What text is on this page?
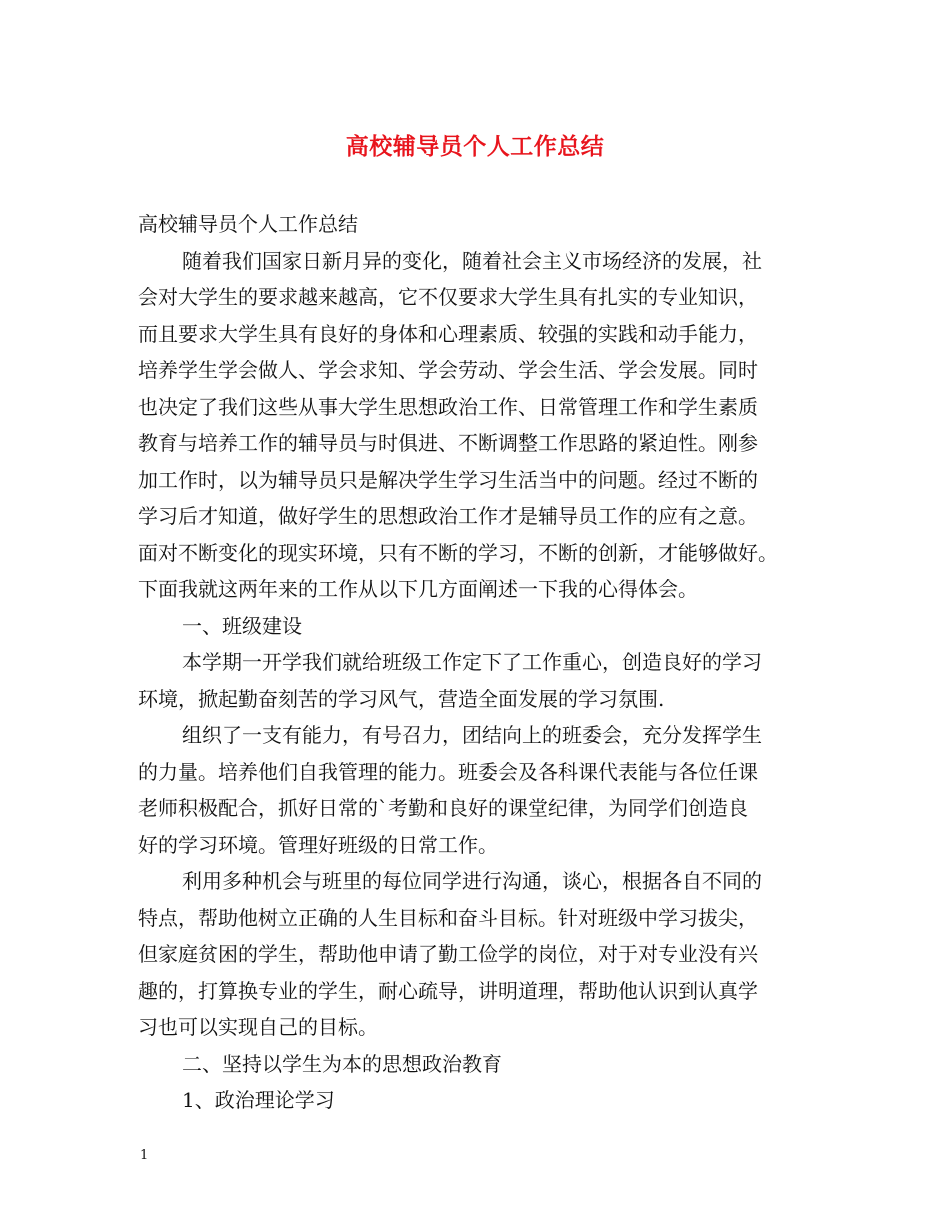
高校辅导员个人工作总结
高校辅导员个人工作总结
随着我们国家日新月异的变化，随着社会主义市场经济的发展，社
会对大学生的要求越来越高，它不仅要求大学生具有扎实的专业知识，
而且要求大学生具有良好的身体和心理素质、较强的实践和动手能力，
培养学生学会做人、学会求知、学会劳动、学会生活、学会发展。同时
也决定了我们这些从事大学生思想政治工作、日常管理工作和学生素质
教育与培养工作的辅导员与时俱进、不断调整工作思路的紧迫性。刚参
加工作时，以为辅导员只是解决学生学习生活当中的问题。经过不断的
学习后才知道，做好学生的思想政治工作才是辅导员工作的应有之意。
面对不断变化的现实环境，只有不断的学习，不断的创新，才能够做好。
下面我就这两年来的工作从以下几方面阐述一下我的心得体会。
一、班级建设
本学期一开学我们就给班级工作定下了工作重心，创造良好的学习
环境，掀起勤奋刻苦的学习风气，营造全面发展的学习氛围.
组织了一支有能力，有号召力，团结向上的班委会，充分发挥学生
的力量。培养他们自我管理的能力。班委会及各科课代表能与各位任课
老师积极配合，抓好日常的`考勤和良好的课堂纪律，为同学们创造良
好的学习环境。管理好班级的日常工作。
利用多种机会与班里的每位同学进行沟通，谈心，根据各自不同的
特点，帮助他树立正确的人生目标和奋斗目标。针对班级中学习拔尖，
但家庭贫困的学生，帮助他申请了勤工俭学的岗位，对于对专业没有兴
趣的，打算换专业的学生，耐心疏导，讲明道理，帮助他认识到认真学
习也可以实现自己的目标。
二、坚持以学生为本的思想政治教育
1、政治理论学习
1
